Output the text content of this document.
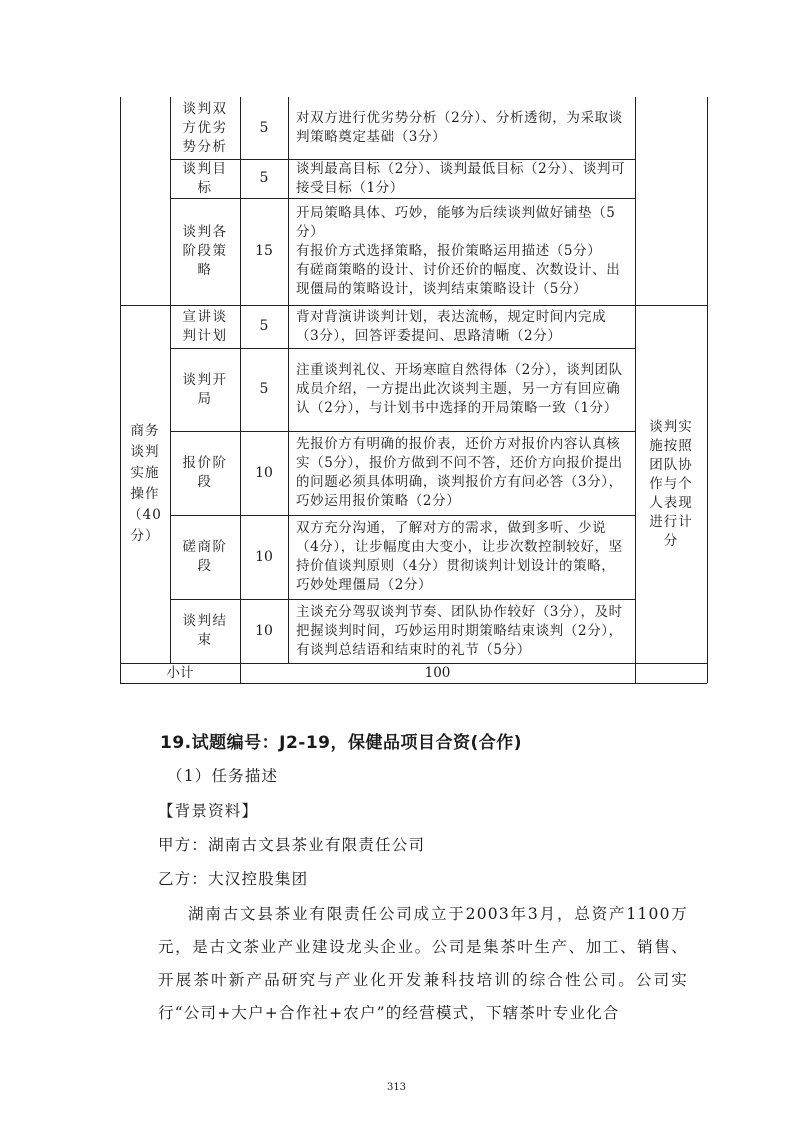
谈判双方优劣势分析
5
对双方进行优劣势分析（2分）、分析透彻，为采取谈判策略奠定基础（3分）
谈判目标
5
谈判最高目标（2分）、谈判最低目标（2分）、谈判可接受目标（1分）
谈判各阶段策略
15
开局策略具体、巧妙，能够为后续谈判做好铺垫（5分）
有报价方式选择策略，报价策略运用描述（5分）
有磋商策略的设计、讨价还价的幅度、次数设计、出现僵局的策略设计，谈判结束策略设计（5分）
宣讲谈判计划
5
背对背演讲谈判计划，表达流畅，规定时间内完成（3分），回答评委提问、思路清晰（2分）
谈判开局
5
注重谈判礼仪、开场寒暄自然得体（2分），谈判团队成员介绍，一方提出此次谈判主题，另一方有回应确认（2分），与计划书中选择的开局策略一致（1分）
报价阶段
10
先报价方有明确的报价表，还价方对报价内容认真核实（5分），报价方做到不问不答，还价方向报价提出的问题必须具体明确，谈判报价方有问必答（3分），巧妙运用报价策略（2分）
磋商阶段
10
双方充分沟通，了解对方的需求，做到多听、少说（4分），让步幅度由大变小，让步次数控制较好，坚持价值谈判原则（4分）贯彻谈判计划设计的策略，巧妙处理僵局（2分）
谈判结束
10
主谈充分驾驭谈判节奏、团队协作较好（3分），及时把握谈判时间，巧妙运用时期策略结束谈判（2分），有谈判总结语和结束时的礼节（5分）
商务谈判实施操作（40分）
谈判实施按照团队协作与个人表现进行计分
小计	100
19.试题编号：J2-19，保健品项目合资(合作)
（1）任务描述
【背景资料】
甲方：湖南古文县茶业有限责任公司
乙方：大汉控股集团
湖南古文县茶业有限责任公司成立于2003年3月，总资产1100万元，是古文茶业产业建设龙头企业。公司是集茶叶生产、加工、销售、开展茶叶新产品研究与产业化开发兼科技培训的综合性公司。公司实行“公司+大户+合作社+农户”的经营模式，下辖茶叶专业化合
313
